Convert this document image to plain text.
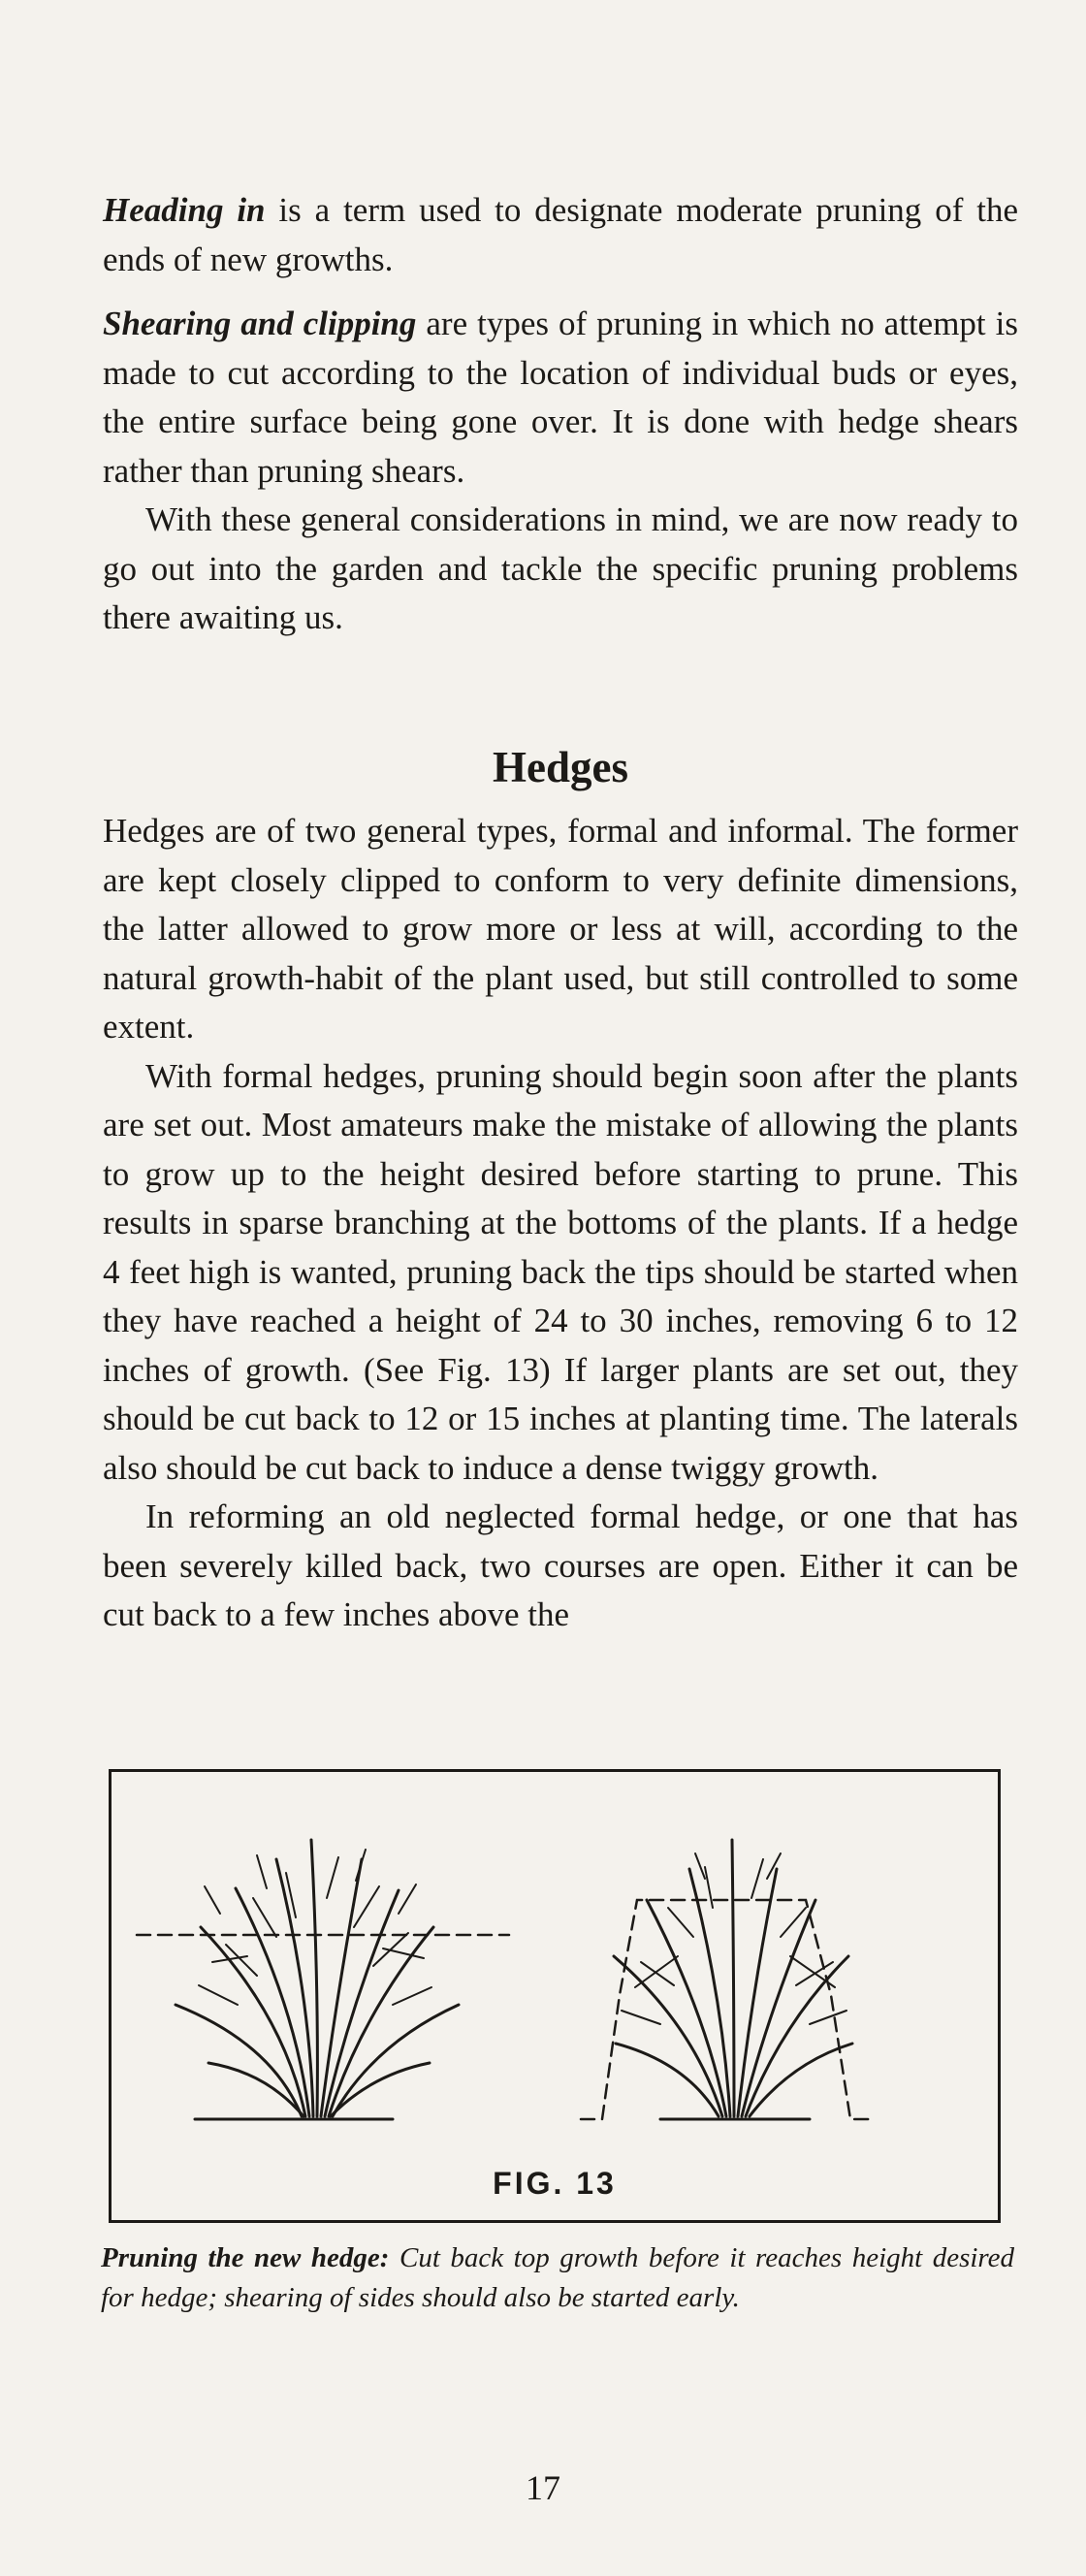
Heading in is a term used to designate moderate pruning of the ends of new growths.

Shearing and clipping are types of pruning in which no attempt is made to cut according to the location of individual buds or eyes, the entire surface being gone over. It is done with hedge shears rather than pruning shears.

With these general considerations in mind, we are now ready to go out into the garden and tackle the specific pruning problems there awaiting us.

Hedges

Hedges are of two general types, formal and informal. The former are kept closely clipped to conform to very definite dimensions, the latter allowed to grow more or less at will, according to the natural growth-habit of the plant used, but still controlled to some extent.

With formal hedges, pruning should begin soon after the plants are set out. Most amateurs make the mistake of allowing the plants to grow up to the height desired before starting to prune. This results in sparse branching at the bottoms of the plants. If a hedge 4 feet high is wanted, pruning back the tips should be started when they have reached a height of 24 to 30 inches, removing 6 to 12 inches of growth. (See Fig. 13) If larger plants are set out, they should be cut back to 12 or 15 inches at planting time. The laterals also should be cut back to induce a dense twiggy growth.

In reforming an old neglected formal hedge, or one that has been severely killed back, two courses are open. Either it can be cut back to a few inches above the

FIG. 13

Pruning the new hedge: Cut back top growth before it reaches height desired for hedge; shearing of sides should also be started early.

17
